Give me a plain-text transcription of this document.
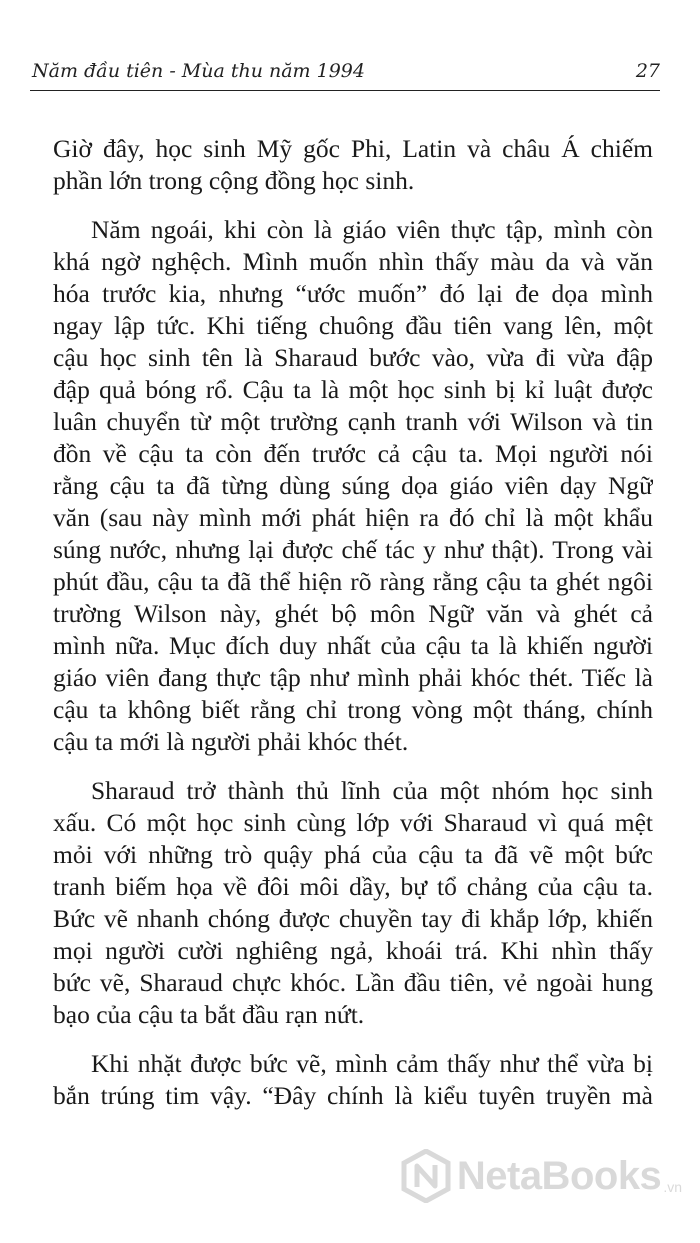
Năm đầu tiên - Mùa thu năm 1994	27
Giờ đây, học sinh Mỹ gốc Phi, Latin và châu Á chiếm
phần lớn trong cộng đồng học sinh.
Năm ngoái, khi còn là giáo viên thực tập, mình còn
khá ngờ nghệch. Mình muốn nhìn thấy màu da và văn
hóa trước kia, nhưng “ước muốn” đó lại đe dọa mình
ngay lập tức. Khi tiếng chuông đầu tiên vang lên, một
cậu học sinh tên là Sharaud bước vào, vừa đi vừa đập
đập quả bóng rổ. Cậu ta là một học sinh bị kỉ luật được
luân chuyển từ một trường cạnh tranh với Wilson và tin
đồn về cậu ta còn đến trước cả cậu ta. Mọi người nói
rằng cậu ta đã từng dùng súng dọa giáo viên dạy Ngữ
văn (sau này mình mới phát hiện ra đó chỉ là một khẩu
súng nước, nhưng lại được chế tác y như thật). Trong vài
phút đầu, cậu ta đã thể hiện rõ ràng rằng cậu ta ghét ngôi
trường Wilson này, ghét bộ môn Ngữ văn và ghét cả
mình nữa. Mục đích duy nhất của cậu ta là khiến người
giáo viên đang thực tập như mình phải khóc thét. Tiếc là
cậu ta không biết rằng chỉ trong vòng một tháng, chính
cậu ta mới là người phải khóc thét.
Sharaud trở thành thủ lĩnh của một nhóm học sinh
xấu. Có một học sinh cùng lớp với Sharaud vì quá mệt
mỏi với những trò quậy phá của cậu ta đã vẽ một bức
tranh biếm họa về đôi môi dầy, bự tổ chảng của cậu ta.
Bức vẽ nhanh chóng được chuyền tay đi khắp lớp, khiến
mọi người cười nghiêng ngả, khoái trá. Khi nhìn thấy
bức vẽ, Sharaud chực khóc. Lần đầu tiên, vẻ ngoài hung
bạo của cậu ta bắt đầu rạn nứt.
Khi nhặt được bức vẽ, mình cảm thấy như thể vừa bị
bắn trúng tim vậy. “Đây chính là kiểu tuyên truyền mà
NetaBooks .vn
